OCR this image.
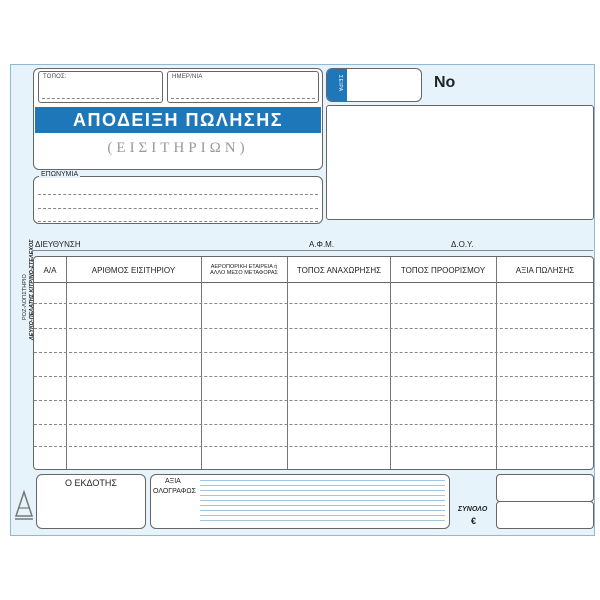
ΤΟΠΟΣ:	ΗΜΕΡ/ΝΙΑ
ΑΠΟΔΕΙΞΗ ΠΩΛΗΣΗΣ
(ΕΙΣΙΤΗΡΙΩΝ)
ΣΕΙΡΑ	No
ΕΠΩΝΥΜΙΑ
ΔΙΕΥΘΥΝΣΗ	Α.Φ.Μ.	Δ.Ο.Υ.
Α/Α	ΑΡΙΘΜΟΣ ΕΙΣΙΤΗΡΙΟΥ	ΑΕΡΟΠΟΡΙΚΗ ΕΤΑΙΡΕΙΑ ή ΑΛΛΟ ΜΕΣΟ ΜΕΤΑΦΟΡΑΣ	ΤΟΠΟΣ ΑΝΑΧΩΡΗΣΗΣ	ΤΟΠΟΣ ΠΡΟΟΡΙΣΜΟΥ	ΑΞΙΑ ΠΩΛΗΣΗΣ
ΡΟΖ-ΛΟΓΙΣΤΗΡΙΟ ΛΕΥΚΟ-ΠΕΛΑΤΗΣ ΚΙΤΡΙΝΟ-ΣΤΕΛΕΧΟΣ
Ο ΕΚΔΟΤΗΣ	ΑΞΙΑ
ΟΛΟΓΡΑΦΩΣ
ΣΥΝΟΛΟ
€
